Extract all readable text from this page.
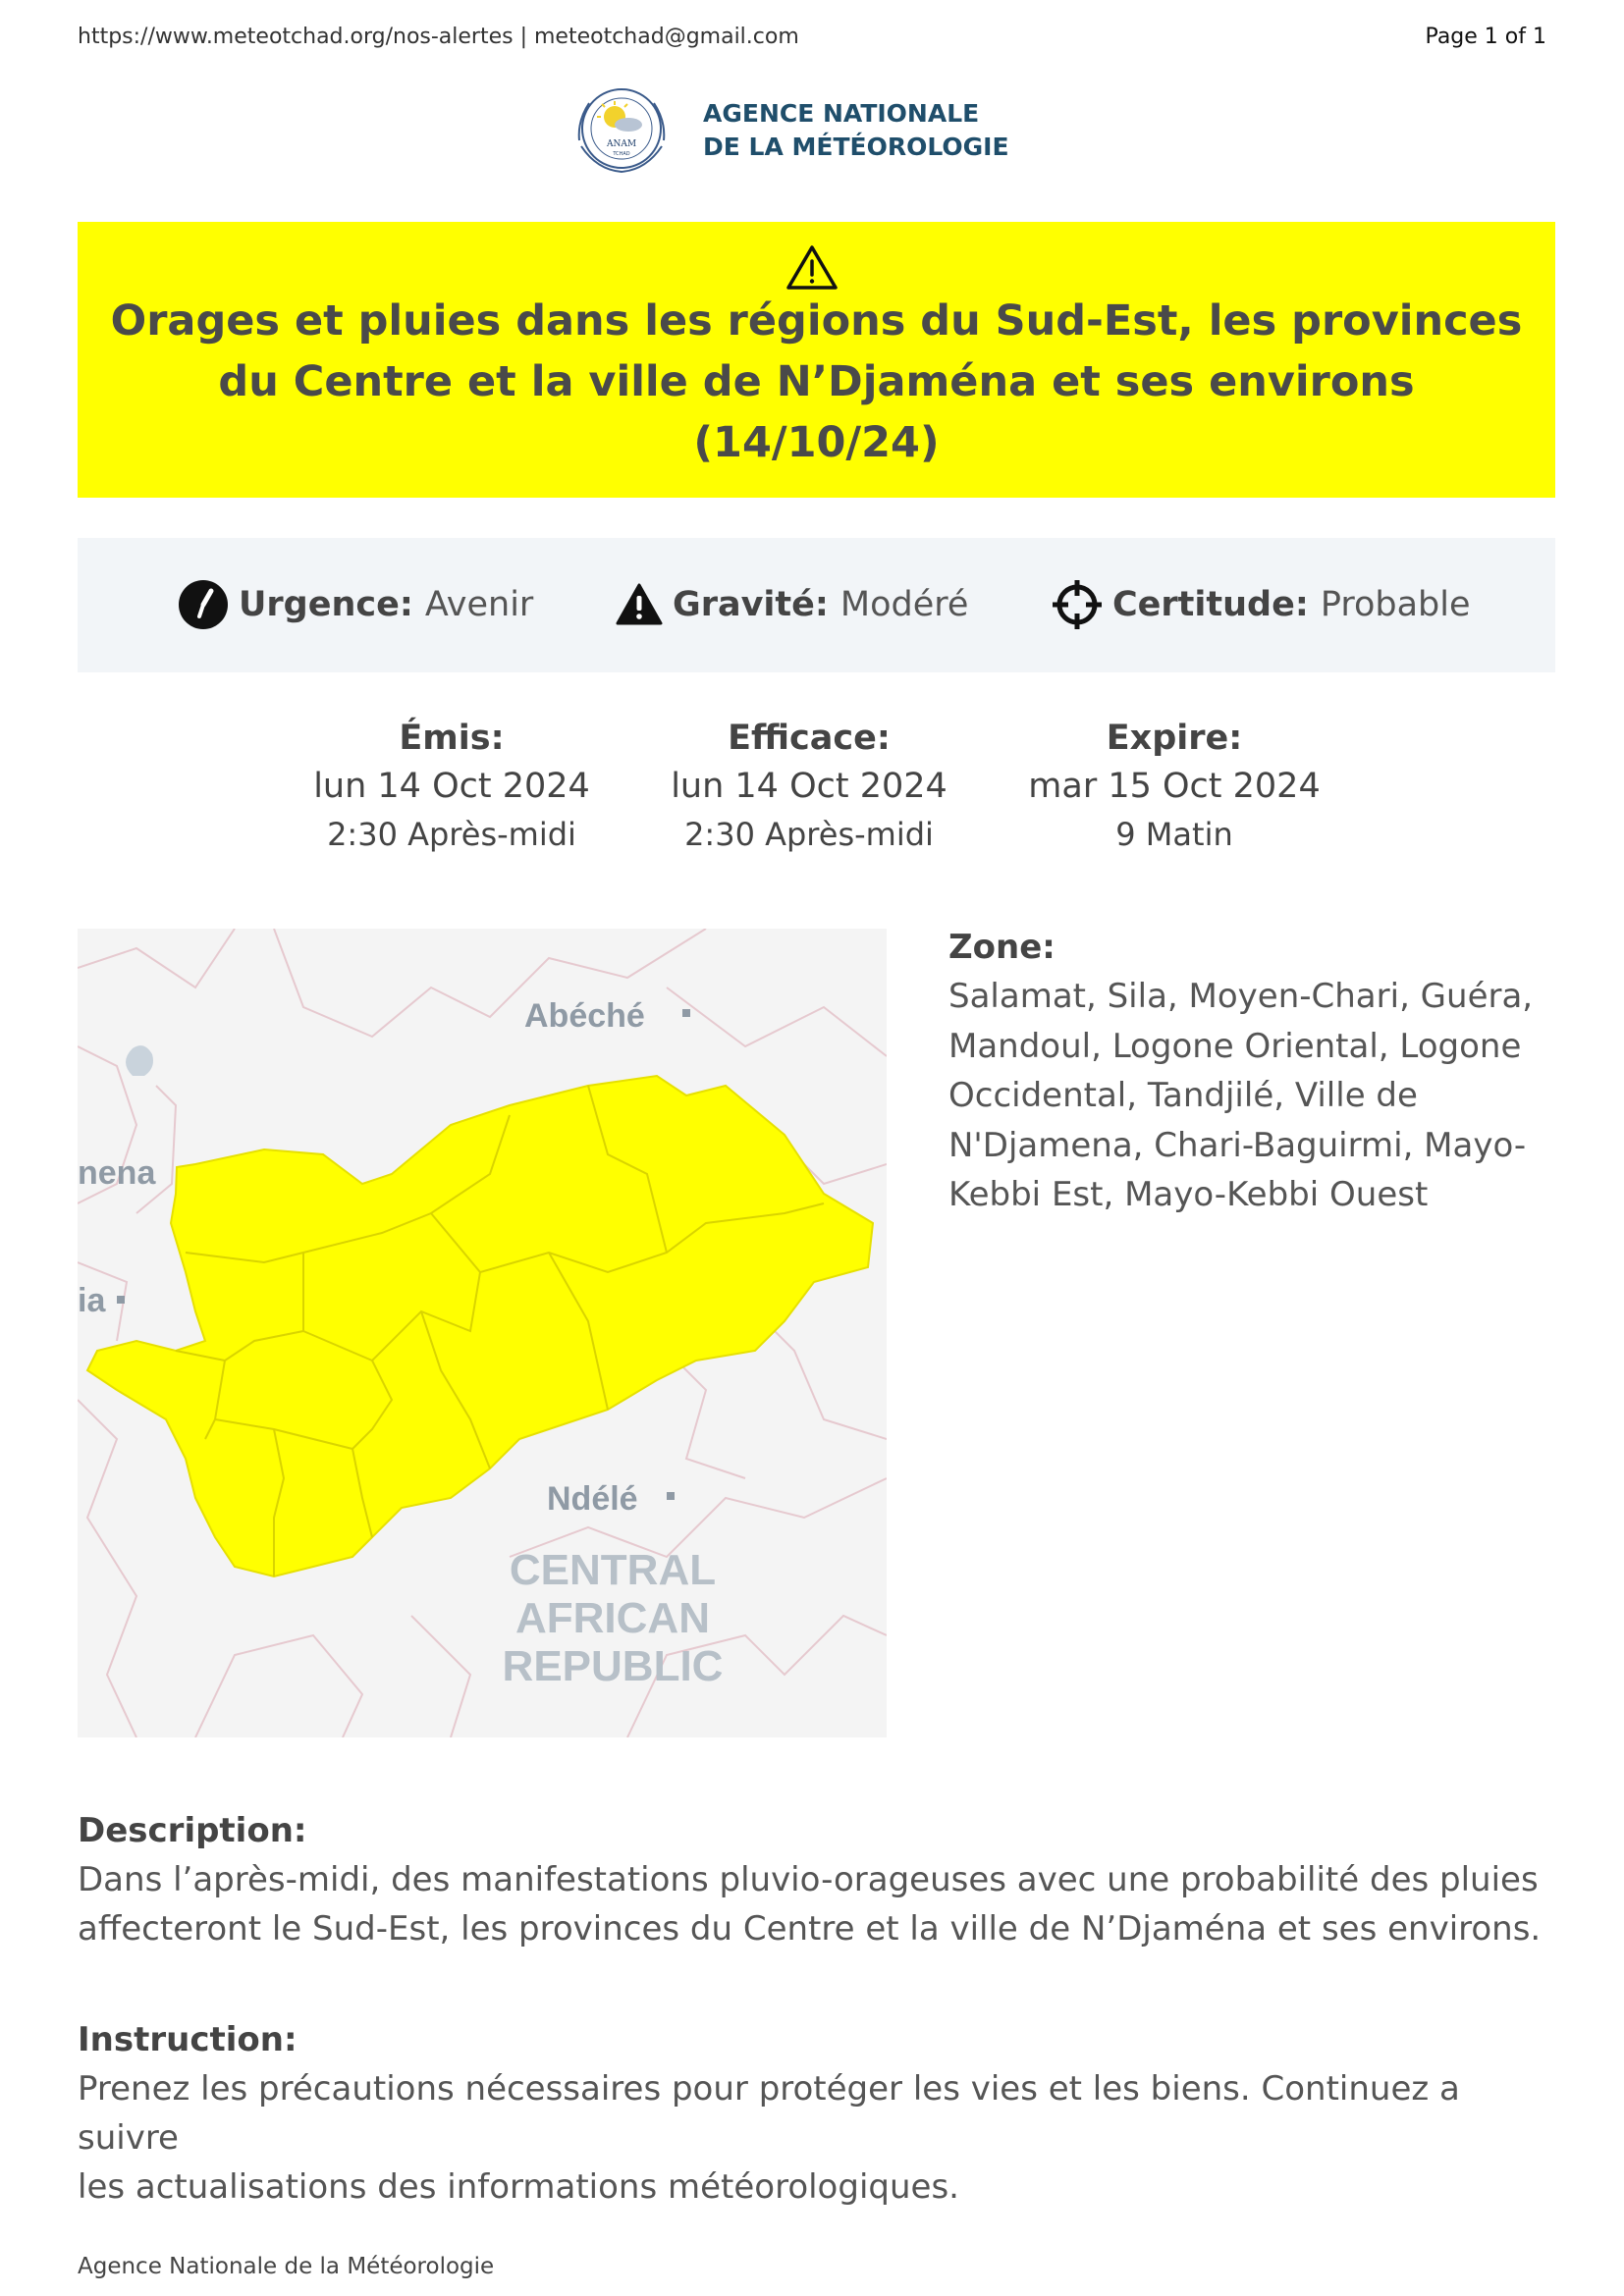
https://www.meteotchad.org/nos-alertes | meteotchad@gmail.com	Page 1 of 1
ANAM
TCHAD
AGENCE NATIONALE
DE LA MÉTÉOROLOGIE
Orages et pluies dans les régions du Sud-Est, les provinces
du Centre et la ville de N’Djaména et ses environs
(14/10/24)
Urgence: Avenir	Gravité: Modéré	Certitude: Probable
Émis:
lun 14 Oct 2024
2:30 Après-midi
Efficace:
lun 14 Oct 2024
2:30 Après-midi
Expire:
mar 15 Oct 2024
9 Matin
Abéché
nena
ia
Ndélé
CENTRAL
AFRICAN
REPUBLIC
Zone:
Salamat, Sila, Moyen-Chari, Guéra,
Mandoul, Logone Oriental, Logone
Occidental, Tandjilé, Ville de
N'Djamena, Chari-Baguirmi, Mayo-
Kebbi Est, Mayo-Kebbi Ouest
Description:
Dans l’après-midi, des manifestations pluvio-orageuses avec une probabilité des pluies
affecteront le Sud-Est, les provinces du Centre et la ville de N’Djaména et ses environs.
Instruction:
Prenez les précautions nécessaires pour protéger les vies et les biens. Continuez a suivre
les actualisations des informations météorologiques.
Agence Nationale de la Météorologie
